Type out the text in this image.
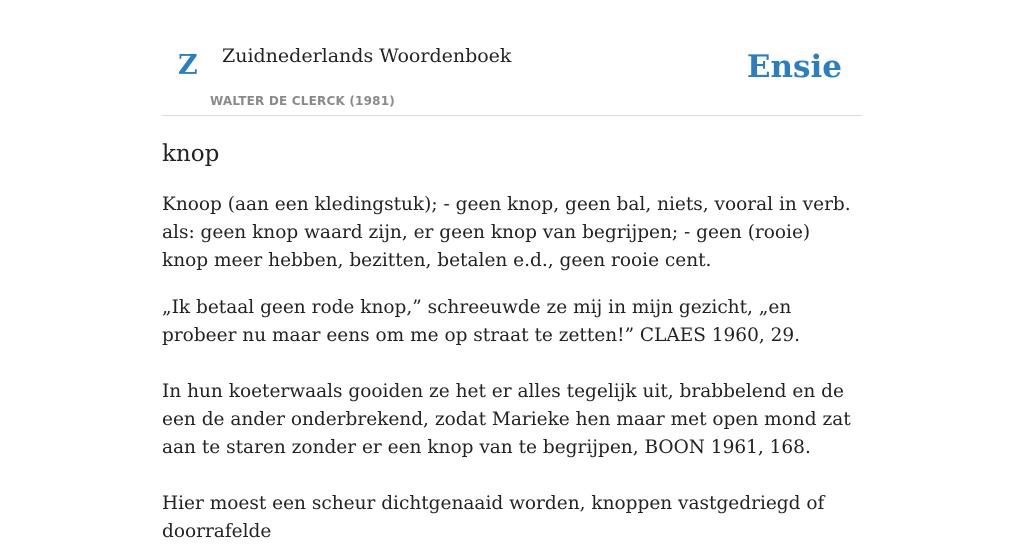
Z Zuidnederlands Woordenboek
WALTER DE CLERCK (1981)
Ensie
knop

Knoop (aan een kledingstuk); - geen knop, geen bal, niets, vooral in verb. als: geen knop waard zijn, er geen knop van begrijpen; - geen (rooie) knop meer hebben, bezitten, betalen e.d., geen rooie cent.

„Ik betaal geen rode knop,” schreeuwde ze mij in mijn gezicht, „en probeer nu maar eens om me op straat te zetten!” CLAES 1960, 29.

In hun koeterwaals gooiden ze het er alles tegelijk uit, brabbelend en de een de ander onderbrekend, zodat Marieke hen maar met open mond zat aan te staren zonder er een knop van te begrijpen, BOON 1961, 168.

Hier moest een scheur dichtgenaaid worden, knoppen vastgedriegd of doorrafelde
